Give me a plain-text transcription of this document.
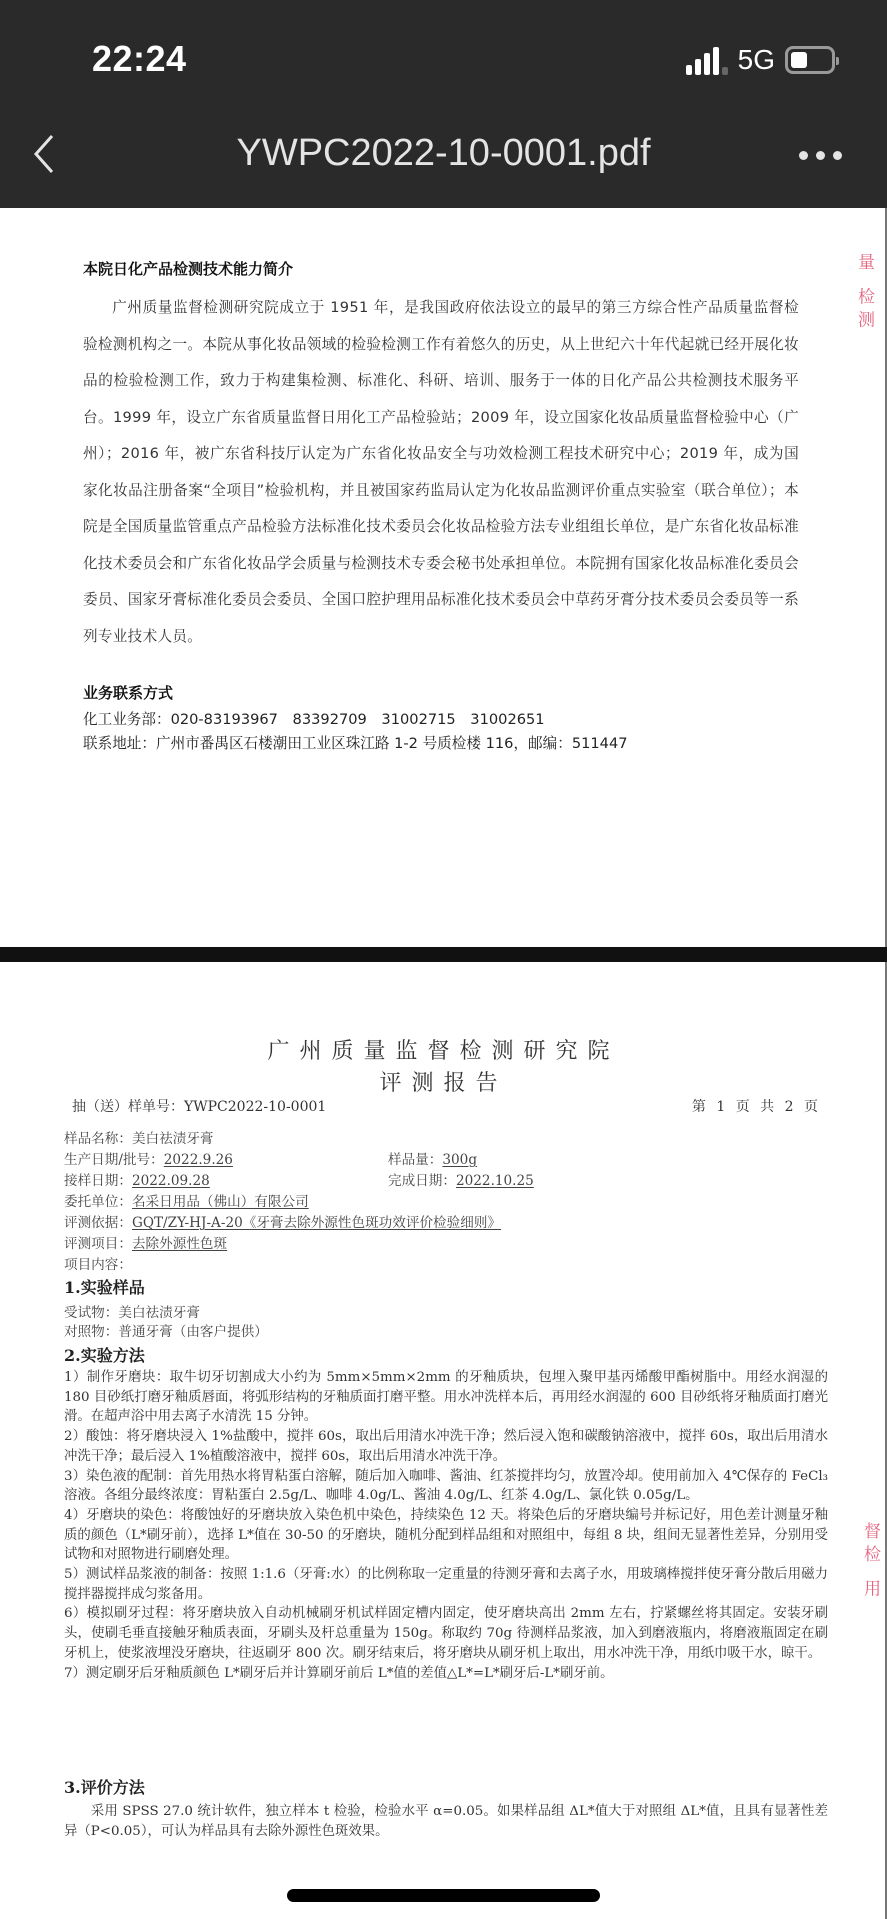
22:24	5G
YWPC2022-10-0001.pdf
本院日化产品检测技术能力简介
广州质量监督检测研究院成立于 1951 年，是我国政府依法设立的最早的第三方综合性产品质量监督检验检测机构之一。本院从事化妆品领域的检验检测工作有着悠久的历史，从上世纪六十年代起就已经开展化妆品的检验检测工作，致力于构建集检测、标准化、科研、培训、服务于一体的日化产品公共检测技术服务平台。1999 年，设立广东省质量监督日用化工产品检验站；2009 年，设立国家化妆品质量监督检验中心（广州）；2016 年，被广东省科技厅认定为广东省化妆品安全与功效检测工程技术研究中心；2019 年，成为国家化妆品注册备案“全项目”检验机构，并且被国家药监局认定为化妆品监测评价重点实验室（联合单位）；本院是全国质量监管重点产品检验方法标准化技术委员会化妆品检验方法专业组组长单位，是广东省化妆品标准化技术委员会和广东省化妆品学会质量与检测技术专委会秘书处承担单位。本院拥有国家化妆品标准化委员会委员、国家牙膏标准化委员会委员、全国口腔护理用品标准化技术委员会中草药牙膏分技术委员会委员等一系列专业技术人员。
业务联系方式
化工业务部：020-83193967　83392709　31002715　31002651
联系地址：广州市番禺区石楼潮田工业区珠江路 1-2 号质检楼 116，邮编：511447
量 检测
广州质量监督检测研究院
评测报告
抽（送）样单号：YWPC2022-10-0001	第 1 页 共 2 页
样品名称：美白祛渍牙膏
生产日期/批号：2022.9.26	样品量：300g
接样日期：2022.09.28	完成日期：2022.10.25
委托单位：名采日用品（佛山）有限公司
评测依据：GQT/ZY-HJ-A-20《牙膏去除外源性色斑功效评价检验细则》
评测项目：去除外源性色斑
项目内容：
1.实验样品
受试物：美白祛渍牙膏
对照物：普通牙膏（由客户提供）
2.实验方法
1）制作牙磨块：取牛切牙切割成大小约为 5mm×5mm×2mm 的牙釉质块，包埋入聚甲基丙烯酸甲酯树脂中。用经水润湿的 180 目砂纸打磨牙釉质唇面，将弧形结构的牙釉质面打磨平整。用水冲洗样本后，再用经水润湿的 600 目砂纸将牙釉质面打磨光滑。在超声浴中用去离子水清洗 15 分钟。
2）酸蚀：将牙磨块浸入 1%盐酸中，搅拌 60s，取出后用清水冲洗干净；然后浸入饱和碳酸钠溶液中，搅拌 60s，取出后用清水冲洗干净；最后浸入 1%植酸溶液中，搅拌 60s，取出后用清水冲洗干净。
3）染色液的配制：首先用热水将胃粘蛋白溶解，随后加入咖啡、酱油、红茶搅拌均匀，放置冷却。使用前加入 4℃保存的 FeCl₃ 溶液。各组分最终浓度：胃粘蛋白 2.5g/L、咖啡 4.0g/L、酱油 4.0g/L、红茶 4.0g/L、氯化铁 0.05g/L。
4）牙磨块的染色：将酸蚀好的牙磨块放入染色机中染色，持续染色 12 天。将染色后的牙磨块编号并标记好，用色差计测量牙釉质的颜色（L*刷牙前），选择 L*值在 30-50 的牙磨块，随机分配到样品组和对照组中，每组 8 块，组间无显著性差异，分别用受试物和对照物进行刷磨处理。
5）测试样品浆液的制备：按照 1:1.6（牙膏:水）的比例称取一定重量的待测牙膏和去离子水，用玻璃棒搅拌使牙膏分散后用磁力搅拌器搅拌成匀浆备用。
6）模拟刷牙过程：将牙磨块放入自动机械刷牙机试样固定槽内固定，使牙磨块高出 2mm 左右，拧紧螺丝将其固定。安装牙刷头，使刷毛垂直接触牙釉质表面，牙刷头及杆总重量为 150g。称取约 70g 待测样品浆液，加入到磨液瓶内，将磨液瓶固定在刷牙机上，使浆液埋没牙磨块，往返刷牙 800 次。刷牙结束后，将牙磨块从刷牙机上取出，用水冲洗干净，用纸巾吸干水，晾干。
7）测定刷牙后牙釉质颜色 L*刷牙后并计算刷牙前后 L*值的差值△L*=L*刷牙后-L*刷牙前。
3.评价方法
采用 SPSS 27.0 统计软件，独立样本 t 检验，检验水平 α=0.05。如果样品组 ΔL*值大于对照组 ΔL*值，且具有显著性差异（P<0.05），可认为样品具有去除外源性色斑效果。
督检 用
